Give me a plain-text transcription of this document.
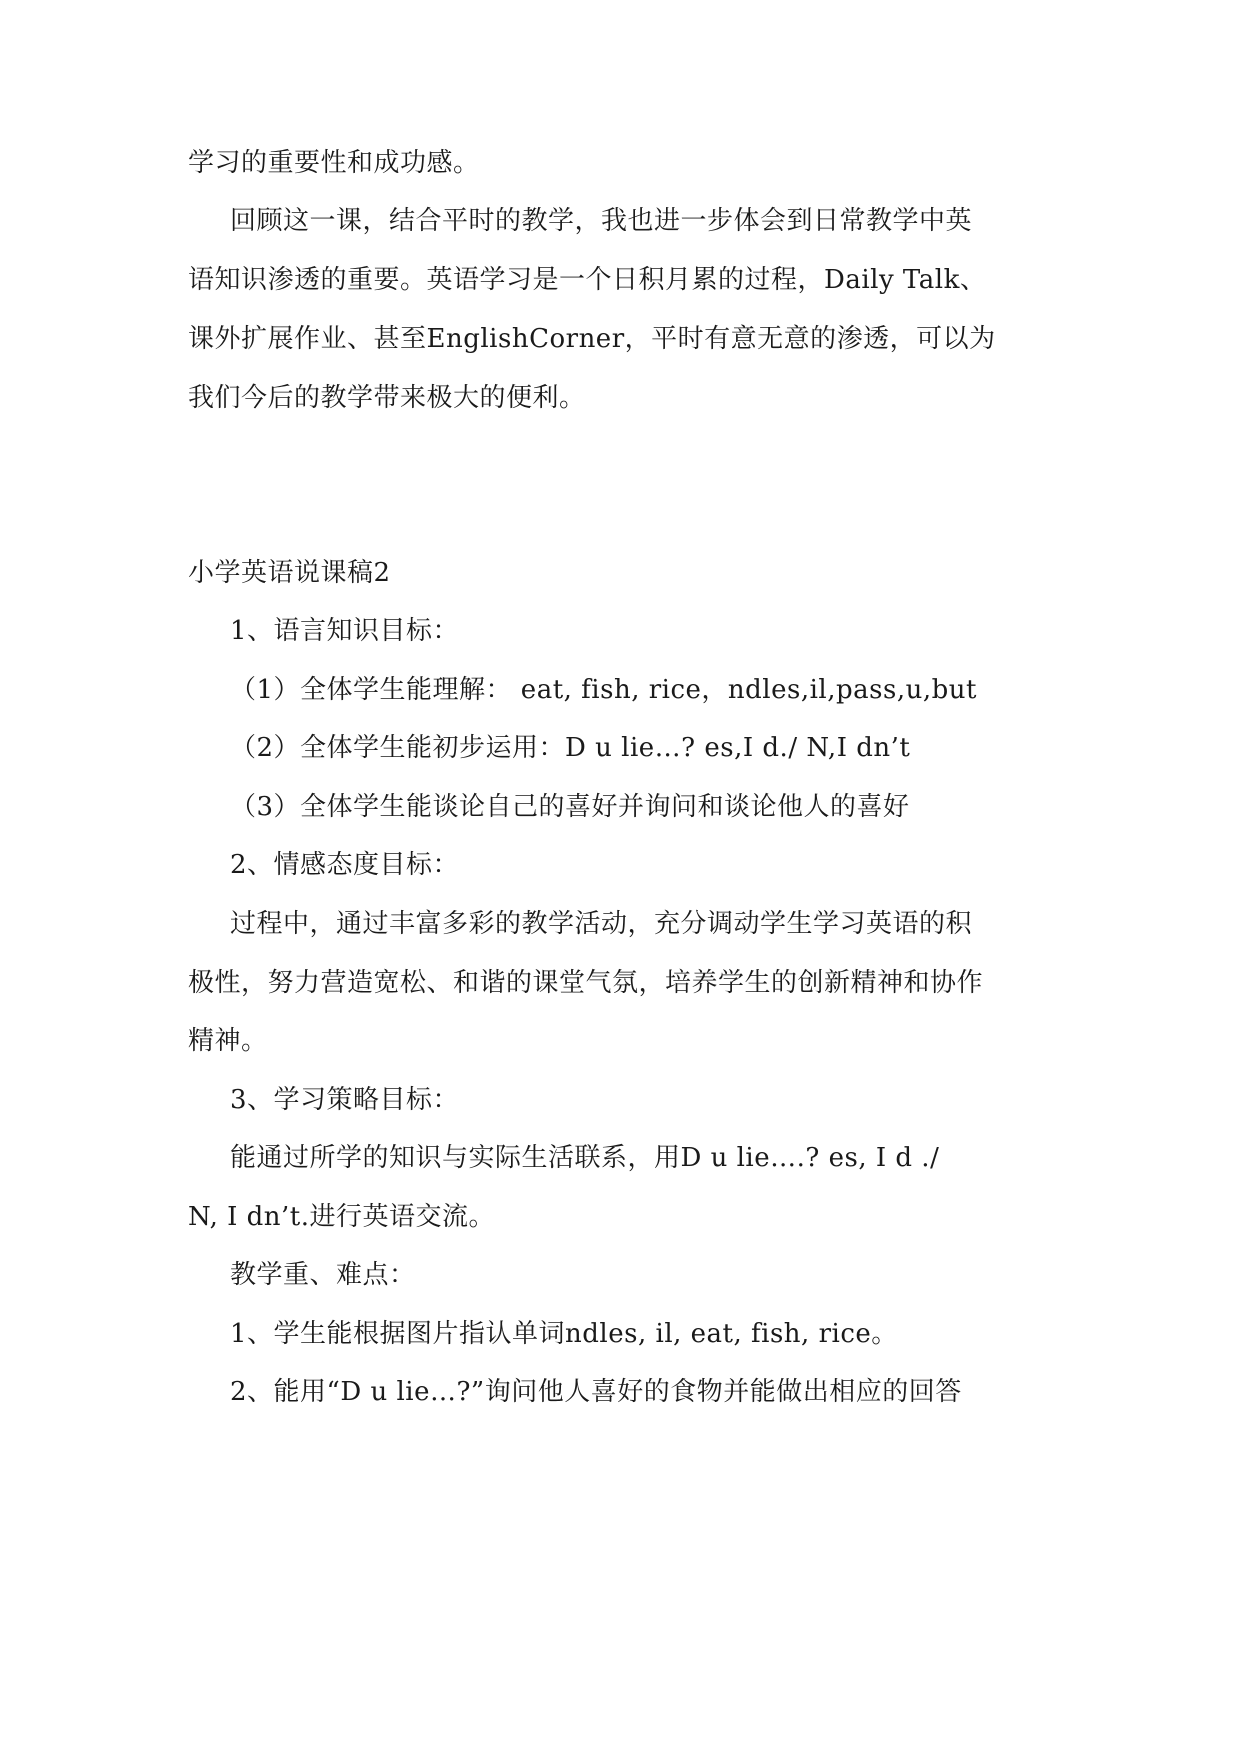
学习的重要性和成功感。
回顾这一课，结合平时的教学，我也进一步体会到日常教学中英
语知识渗透的重要。英语学习是一个日积月累的过程，Daily Talk、
课外扩展作业、甚至EnglishCorner，平时有意无意的渗透，可以为
我们今后的教学带来极大的便利。
小学英语说课稿2
1、语言知识目标：
（1）全体学生能理解： eat, fish, rice，ndles,il,pass,u,but
（2）全体学生能初步运用：D u lie…? es,I d./ N,I dn’t
（3）全体学生能谈论自己的喜好并询问和谈论他人的喜好
2、情感态度目标：
过程中，通过丰富多彩的教学活动，充分调动学生学习英语的积
极性，努力营造宽松、和谐的课堂气氛，培养学生的创新精神和协作
精神。
3、学习策略目标：
能通过所学的知识与实际生活联系，用D u lie….? es, I d ./
N, I dn’t.进行英语交流。
教学重、难点：
1、学生能根据图片指认单词ndles, il, eat, fish, rice。
2、能用“D u lie…?”询问他人喜好的食物并能做出相应的回答
